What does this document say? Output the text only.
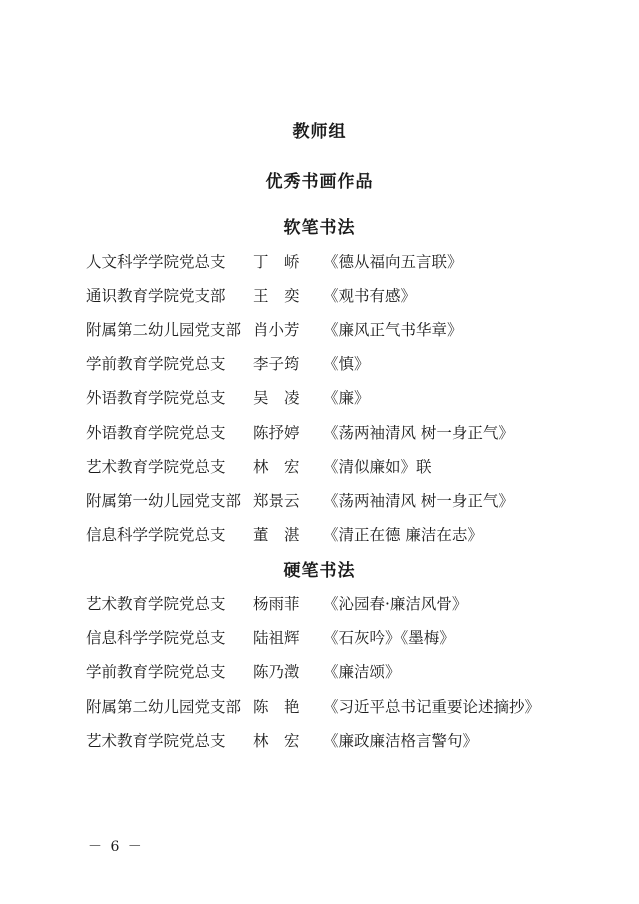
教师组
优秀书画作品
软笔书法
人文科学学院党总支 丁　峤 《德从福向五言联》
通识教育学院党支部 王　奕 《观书有感》
附属第二幼儿园党支部 肖小芳 《廉风正气书华章》
学前教育学院党总支 李子筠 《慎》
外语教育学院党总支 吴　凌 《廉》
外语教育学院党总支 陈抒婷 《荡两袖清风 树一身正气》
艺术教育学院党总支 林　宏 《清似廉如》联
附属第一幼儿园党支部 郑景云 《荡两袖清风 树一身正气》
信息科学学院党总支 董　湛 《清正在德 廉洁在志》
硬笔书法
艺术教育学院党总支 杨雨菲 《沁园春·廉洁风骨》
信息科学学院党总支 陆祖辉 《石灰吟》《墨梅》
学前教育学院党总支 陈乃澂 《廉洁颂》
附属第二幼儿园党支部 陈　艳 《习近平总书记重要论述摘抄》
艺术教育学院党总支 林　宏 《廉政廉洁格言警句》
－ 6 －
